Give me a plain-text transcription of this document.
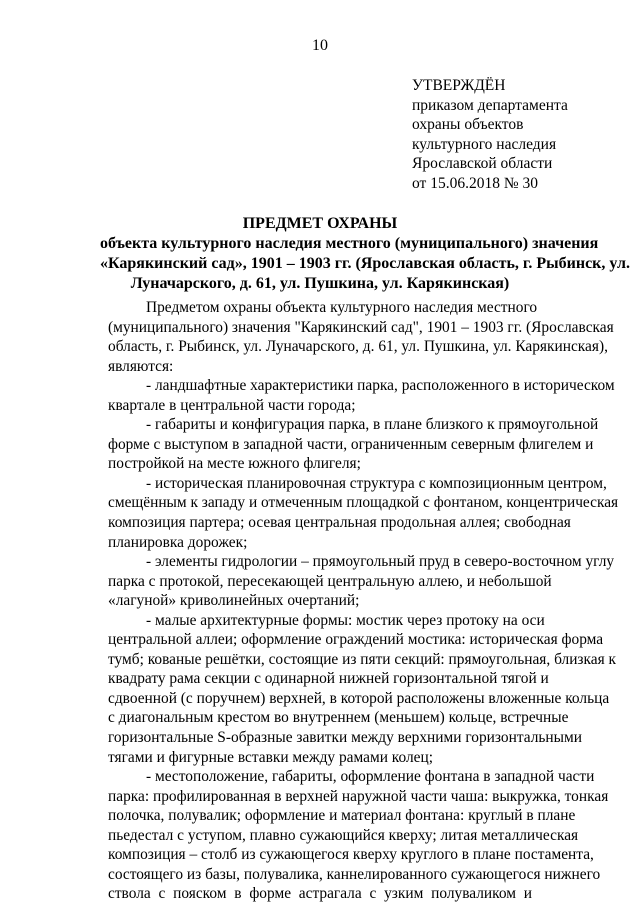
10
УТВЕРЖДЁН
приказом департамента
охраны объектов
культурного наследия
Ярославской области
от 15.06.2018 № 30
ПРЕДМЕТ ОХРАНЫ
объекта культурного наследия местного (муниципального) значения
«Карякинский сад», 1901 – 1903 гг. (Ярославская область, г. Рыбинск, ул.
Луначарского, д. 61, ул. Пушкина, ул. Карякинская)
Предметом охраны объекта культурного наследия местного
(муниципального) значения "Карякинский сад", 1901 – 1903 гг. (Ярославская
область, г. Рыбинск, ул. Луначарского, д. 61, ул. Пушкина, ул. Карякинская),
являются:
- ландшафтные характеристики парка, расположенного в историческом
квартале в центральной части города;
- габариты и конфигурация парка, в плане близкого к прямоугольной
форме с выступом в западной части, ограниченным северным флигелем и
постройкой на месте южного флигеля;
- историческая планировочная структура с композиционным центром,
смещённым к западу и отмеченным площадкой с фонтаном, концентрическая
композиция партера; осевая центральная продольная аллея; свободная
планировка дорожек;
- элементы гидрологии – прямоугольный пруд в северо-восточном углу
парка с протокой, пересекающей центральную аллею, и небольшой
«лагуной» криволинейных очертаний;
- малые архитектурные формы: мостик через протоку на оси
центральной аллеи; оформление ограждений мостика: историческая форма
тумб; кованые решётки, состоящие из пяти секций: прямоугольная, близкая к
квадрату рама секции с одинарной нижней горизонтальной тягой и
сдвоенной (с поручнем) верхней, в которой расположены вложенные кольца
с диагональным крестом во внутреннем (меньшем) кольце, встречные
горизонтальные S-образные завитки между верхними горизонтальными
тягами и фигурные вставки между рамами колец;
- местоположение, габариты, оформление фонтана в западной части
парка: профилированная в верхней наружной части чаша: выкружка, тонкая
полочка, полувалик; оформление и материал фонтана: круглый в плане
пьедестал с уступом, плавно сужающийся кверху; литая металлическая
композиция – столб из сужающегося кверху круглого в плане постамента,
состоящего из базы, полувалика, каннелированного сужающегося нижнего
ствола с пояском в форме астрагала с узким полуваликом и
